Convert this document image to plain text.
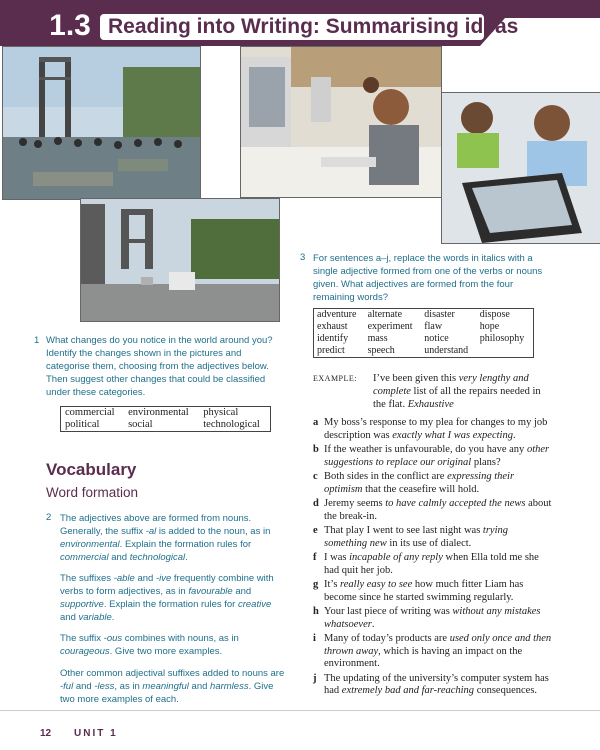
1.3 Reading into Writing: Summarising ideas
1 What changes do you notice in the world around you? Identify the changes shown in the pictures and categorise them, choosing from the adjectives below. Then suggest other changes that could be classified under these categories.
commercial	environmental	physical
political	social	technological
Vocabulary
Word formation
2 The adjectives above are formed from nouns. Generally, the suffix -al is added to the noun, as in environmental. Explain the formation rules for commercial and technological.
The suffixes -able and -ive frequently combine with verbs to form adjectives, as in favourable and supportive. Explain the formation rules for creative and variable.
The suffix -ous combines with nouns, as in courageous. Give two more examples.
Other common adjectival suffixes added to nouns are -ful and -less, as in meaningful and harmless. Give two more examples of each.
3 For sentences a–j, replace the words in italics with a single adjective formed from one of the verbs or nouns given. What adjectives are formed from the four remaining words?
adventure	alternate	disaster	dispose
exhaust	experiment	flaw	hope
identify	mass	notice	philosophy
predict	speech	understand	
EXAMPLE: I’ve been given this very lengthy and complete list of all the repairs needed in the flat. Exhaustive
a My boss’s response to my plea for changes to my job description was exactly what I was expecting.
b If the weather is unfavourable, do you have any other suggestions to replace our original plans?
c Both sides in the conflict are expressing their optimism that the ceasefire will hold.
d Jeremy seems to have calmly accepted the news about the break-in.
e That play I went to see last night was trying something new in its use of dialect.
f I was incapable of any reply when Ella told me she had quit her job.
g It’s really easy to see how much fitter Liam has become since he started swimming regularly.
h Your last piece of writing was without any mistakes whatsoever.
i Many of today’s products are used only once and then thrown away, which is having an impact on the environment.
j The updating of the university’s computer system has had extremely bad and far-reaching consequences.
12 UNIT 1
